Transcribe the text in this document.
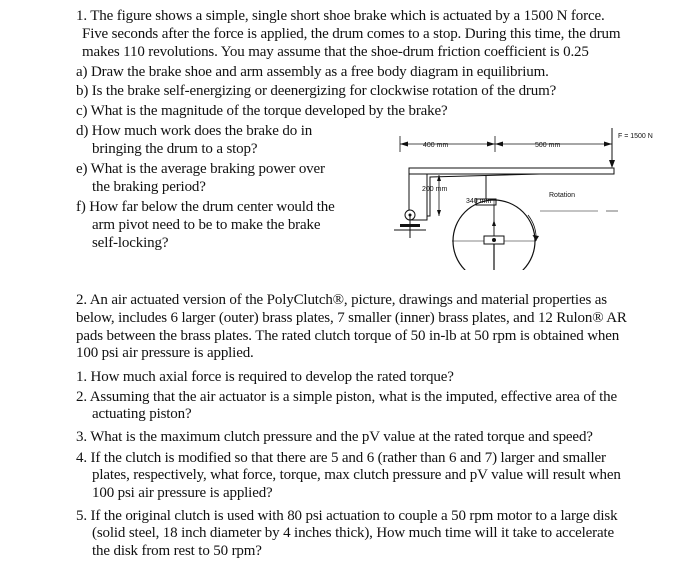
1. The figure shows a simple, single short shoe brake which is actuated by a 1500 N force.
Five seconds after the force is applied, the drum comes to a stop. During this time, the drum
makes 110 revolutions. You may assume that the shoe-drum friction coefficient is 0.25
a) Draw the brake shoe and arm assembly as a free body diagram in equilibrium.
b) Is the brake self-energizing or deenergizing for clockwise rotation of the drum?
c) What is the magnitude of the torque developed by the brake?
d) How much work does the brake do in
bringing the drum to a stop?
e) What is the average braking power over
the braking period?
f) How far below the drum center would the
arm pivot need to be to make the brake
self-locking?
400 mm	500 mm
F = 1500 N
200 mm
340 mm
Rotation
2. An air actuated version of the PolyClutch®, picture, drawings and material properties as
below, includes 6 larger (outer) brass plates, 7 smaller (inner) brass plates, and 12 Rulon® AR
pads between the brass plates. The rated clutch torque of 50 in-lb at 50 rpm is obtained when
100 psi air pressure is applied.
1. How much axial force is required to develop the rated torque?
2. Assuming that the air actuator is a simple piston, what is the imputed, effective area of the
actuating piston?
3. What is the maximum clutch pressure and the pV value at the rated torque and speed?
4. If the clutch is modified so that there are 5 and 6 (rather than 6 and 7) larger and smaller
plates, respectively, what force, torque, max clutch pressure and pV value will result when
100 psi air pressure is applied?
5. If the original clutch is used with 80 psi actuation to couple a 50 rpm motor to a large disk
(solid steel, 18 inch diameter by 4 inches thick), How much time will it take to accelerate
the disk from rest to 50 rpm?
